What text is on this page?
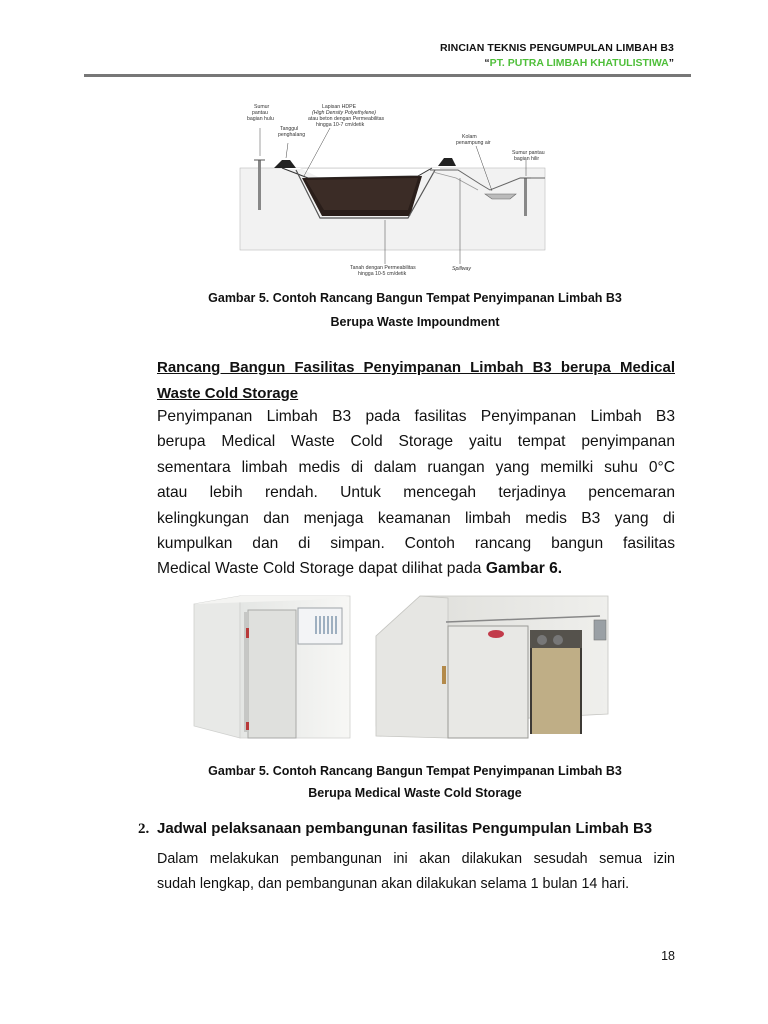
RINCIAN TEKNIS PENGUMPULAN LIMBAH B3
“PT. PUTRA LIMBAH KHATULISTIWA”
Sumur pantau bagian hulu
Tanggul penghalang
Lapisan HDPE (High Density Polyethylene) atau beton dengan Permeabilitas hingga 10-7 cm/detik
Kolam penampung air
Sumur pantau bagian hilir
Tanah dengan Permeabilitas hingga 10-5 cm/detik
Spillway
Gambar 5. Contoh Rancang Bangun Tempat Penyimpanan Limbah B3
Berupa Waste Impoundment
Rancang Bangun Fasilitas Penyimpanan Limbah B3 berupa Medical
Waste Cold Storage
Penyimpanan Limbah B3 pada fasilitas Penyimpanan Limbah B3
berupa Medical Waste Cold Storage yaitu tempat penyimpanan
sementara limbah medis di dalam ruangan yang memilki suhu 0°C
atau lebih rendah. Untuk mencegah terjadinya pencemaran
kelingkungan dan menjaga keamanan limbah medis B3 yang di
kumpulkan dan di simpan. Contoh rancang bangun fasilitas
Medical Waste Cold Storage dapat dilihat pada Gambar 6.
Gambar 5. Contoh Rancang Bangun Tempat Penyimpanan Limbah B3
Berupa Medical Waste Cold Storage
2. Jadwal pelaksanaan pembangunan fasilitas Pengumpulan Limbah B3
Dalam melakukan pembangunan ini akan dilakukan sesudah semua izin
sudah lengkap, dan pembangunan akan dilakukan selama 1 bulan 14 hari.
18
